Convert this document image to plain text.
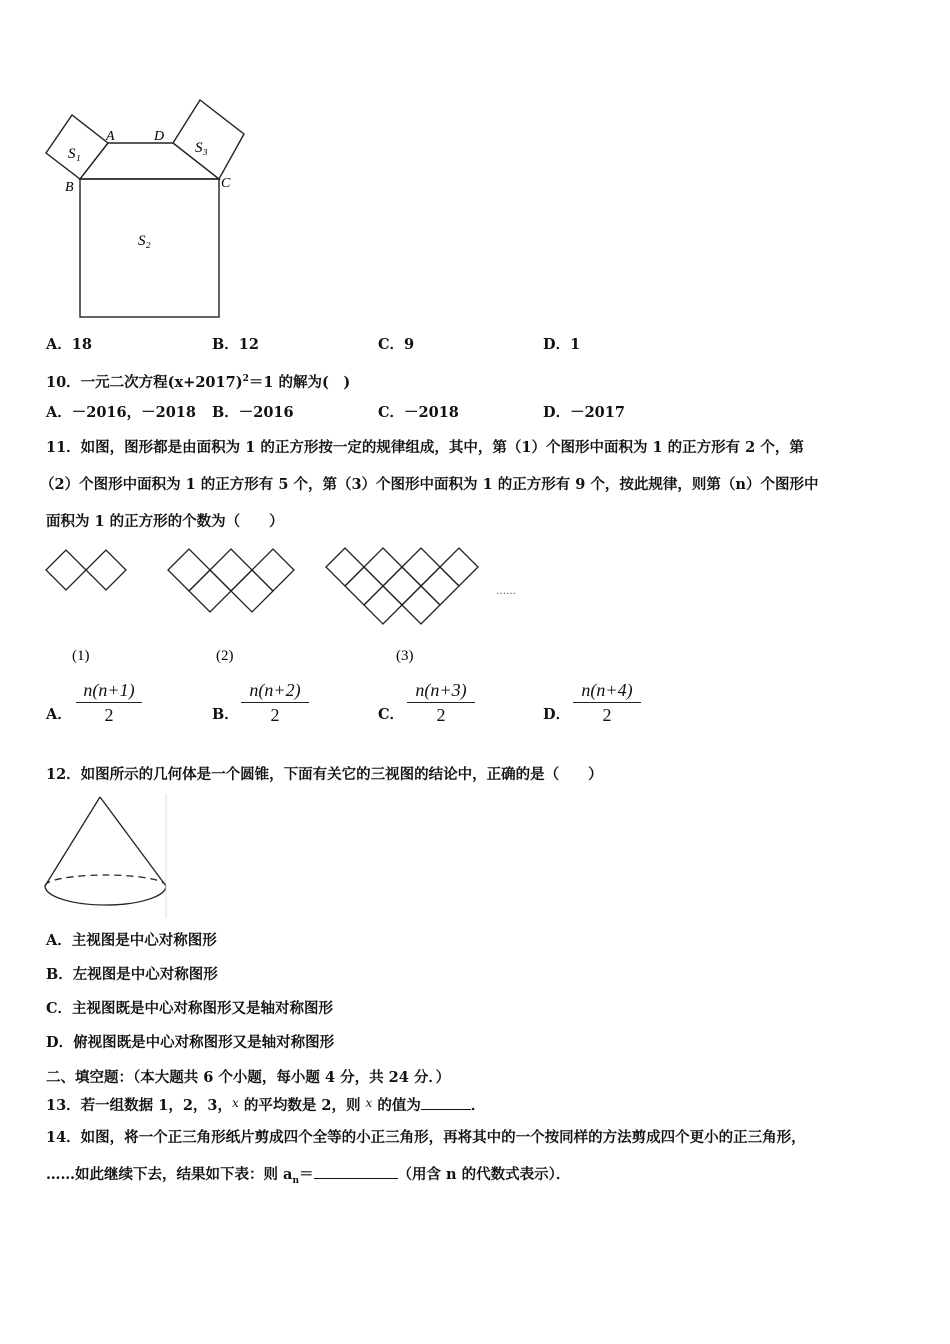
A	D
B	C
S₁	S₃
S₂
A．18	B．12	C．9	D．1
10．一元二次方程$(x+2017)^2=1$ 的解为(　)
A．－2016，－2018 B．－2016	C．－2018	D．－2017
11．如图，图形都是由面积为 1 的正方形按一定的规律组成，其中，第（1）个图形中面积为 1 的正方形有 2 个，第
（2）个图形中面积为 1 的正方形有 5 个，第（3）个图形中面积为 1 的正方形有 9 个，按此规律，则第（n）个图形中
面积为 1 的正方形的个数为（　　）
……
(1)	(2)	(3)
A． $\frac{n(n+1)}{2}$	B． $\frac{n(n+2)}{2}$	C． $\frac{n(n+3)}{2}$	D． $\frac{n(n+4)}{2}$
12．如图所示的几何体是一个圆锥，下面有关它的三视图的结论中，正确的是（　　）
A．主视图是中心对称图形
B．左视图是中心对称图形
C．主视图既是中心对称图形又是轴对称图形
D．俯视图既是中心对称图形又是轴对称图形
二、填空题：（本大题共 6 个小题，每小题 4 分，共 24 分．）
13．若一组数据 1，2，3，$^x$ 的平均数是 2，则 $^x$ 的值为	．
14．如图，将一个正三角形纸片剪成四个全等的小正三角形，再将其中的一个按同样的方法剪成四个更小的正三角形，
……如此继续下去，结果如下表：则 $a_n=$	（用含 n 的代数式表示）．
